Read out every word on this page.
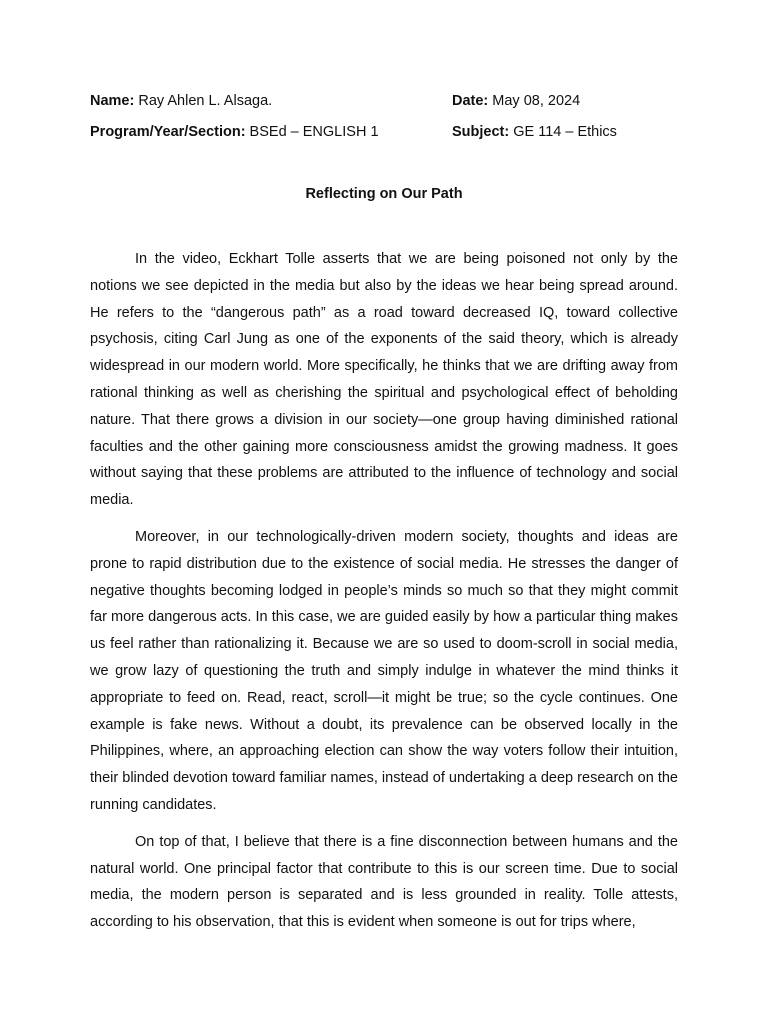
Name: Ray Ahlen L. Alsaga.	Date: May 08, 2024
Program/Year/Section: BSEd – ENGLISH 1	Subject: GE 114 – Ethics
Reflecting on Our Path

In the video, Eckhart Tolle asserts that we are being poisoned not only by the notions we see depicted in the media but also by the ideas we hear being spread around. He refers to the “dangerous path” as a road toward decreased IQ, toward collective psychosis, citing Carl Jung as one of the exponents of the said theory, which is already widespread in our modern world. More specifically, he thinks that we are drifting away from rational thinking as well as cherishing the spiritual and psychological effect of beholding nature. That there grows a division in our society—one group having diminished rational faculties and the other gaining more consciousness amidst the growing madness. It goes without saying that these problems are attributed to the influence of technology and social media.

Moreover, in our technologically-driven modern society, thoughts and ideas are prone to rapid distribution due to the existence of social media. He stresses the danger of negative thoughts becoming lodged in people’s minds so much so that they might commit far more dangerous acts. In this case, we are guided easily by how a particular thing makes us feel rather than rationalizing it. Because we are so used to doom-scroll in social media, we grow lazy of questioning the truth and simply indulge in whatever the mind thinks it appropriate to feed on. Read, react, scroll—it might be true; so the cycle continues. One example is fake news. Without a doubt, its prevalence can be observed locally in the Philippines, where, an approaching election can show the way voters follow their intuition, their blinded devotion toward familiar names, instead of undertaking a deep research on the running candidates.

On top of that, I believe that there is a fine disconnection between humans and the natural world. One principal factor that contribute to this is our screen time. Due to social media, the modern person is separated and is less grounded in reality. Tolle attests, according to his observation, that this is evident when someone is out for trips where,
